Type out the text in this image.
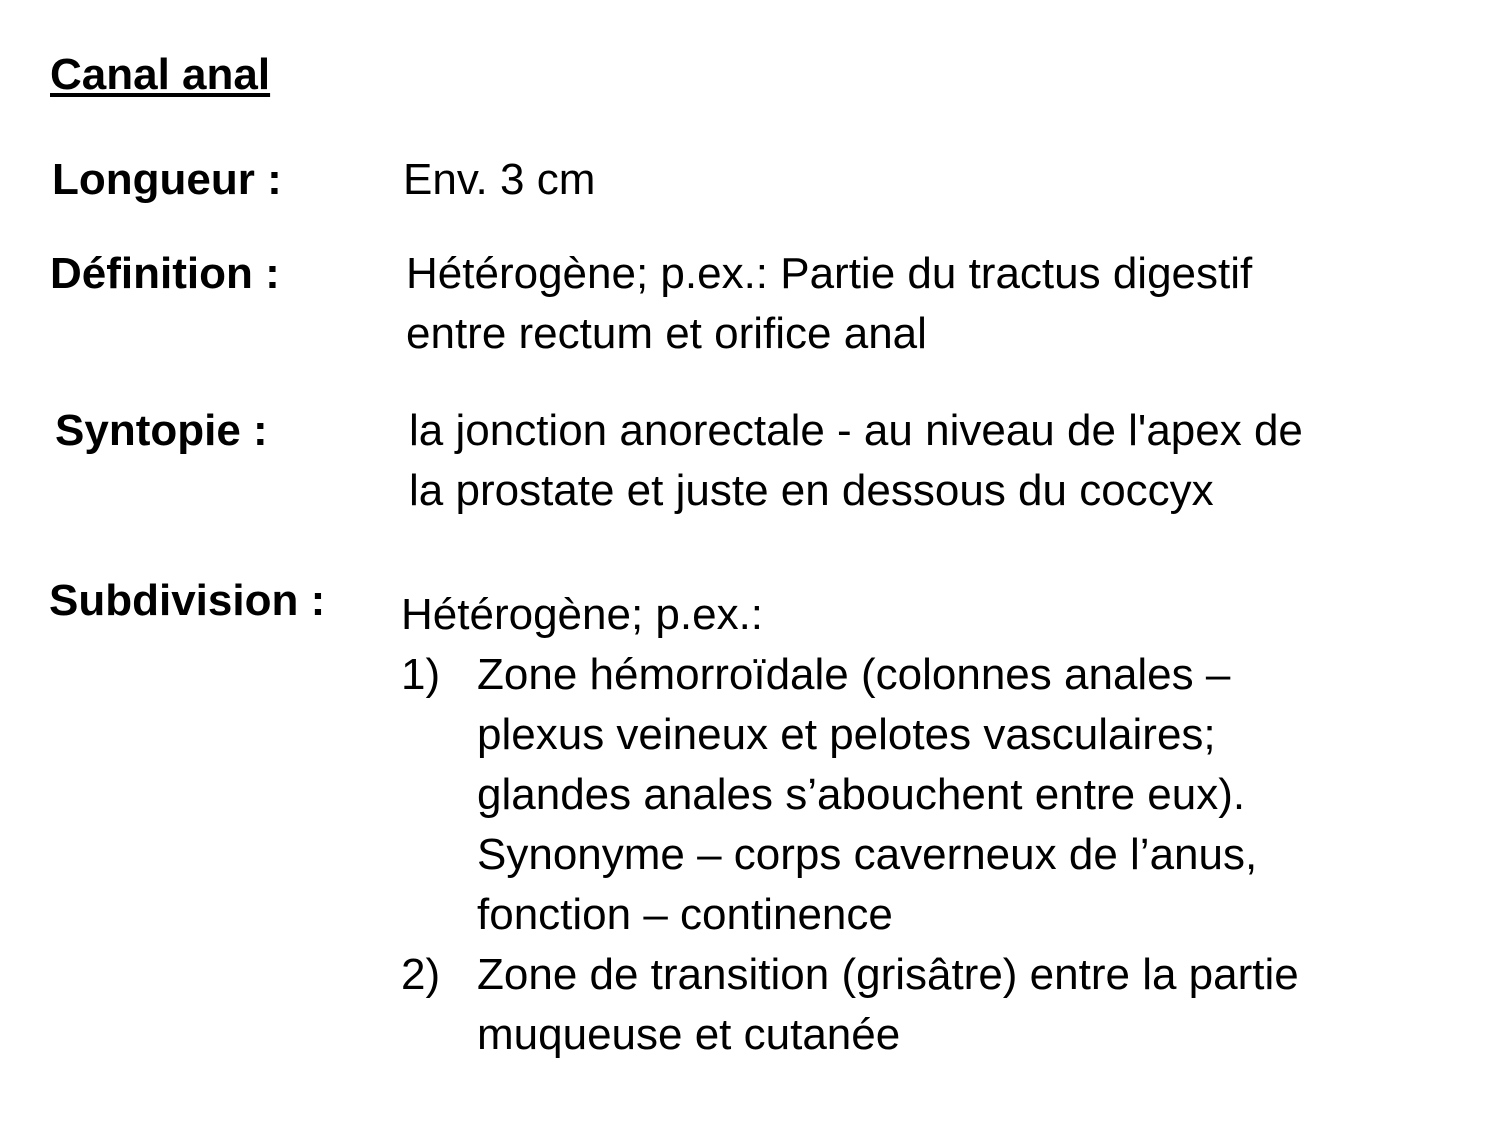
Canal anal
Longueur :	Env. 3 cm
Définition :	Hétérogène; p.ex.: Partie du tractus digestif
entre rectum et orifice anal
Syntopie :	la jonction anorectale - au niveau de l'apex de
la prostate et juste en dessous du coccyx
Subdivision : Hétérogène; p.ex.:
1) Zone hémorroïdale (colonnes anales –
plexus veineux et pelotes vasculaires;
glandes anales s’abouchent entre eux).
Synonyme – corps caverneux de l’anus,
fonction – continence
2) Zone de transition (grisâtre) entre la partie
muqueuse et cutanée
